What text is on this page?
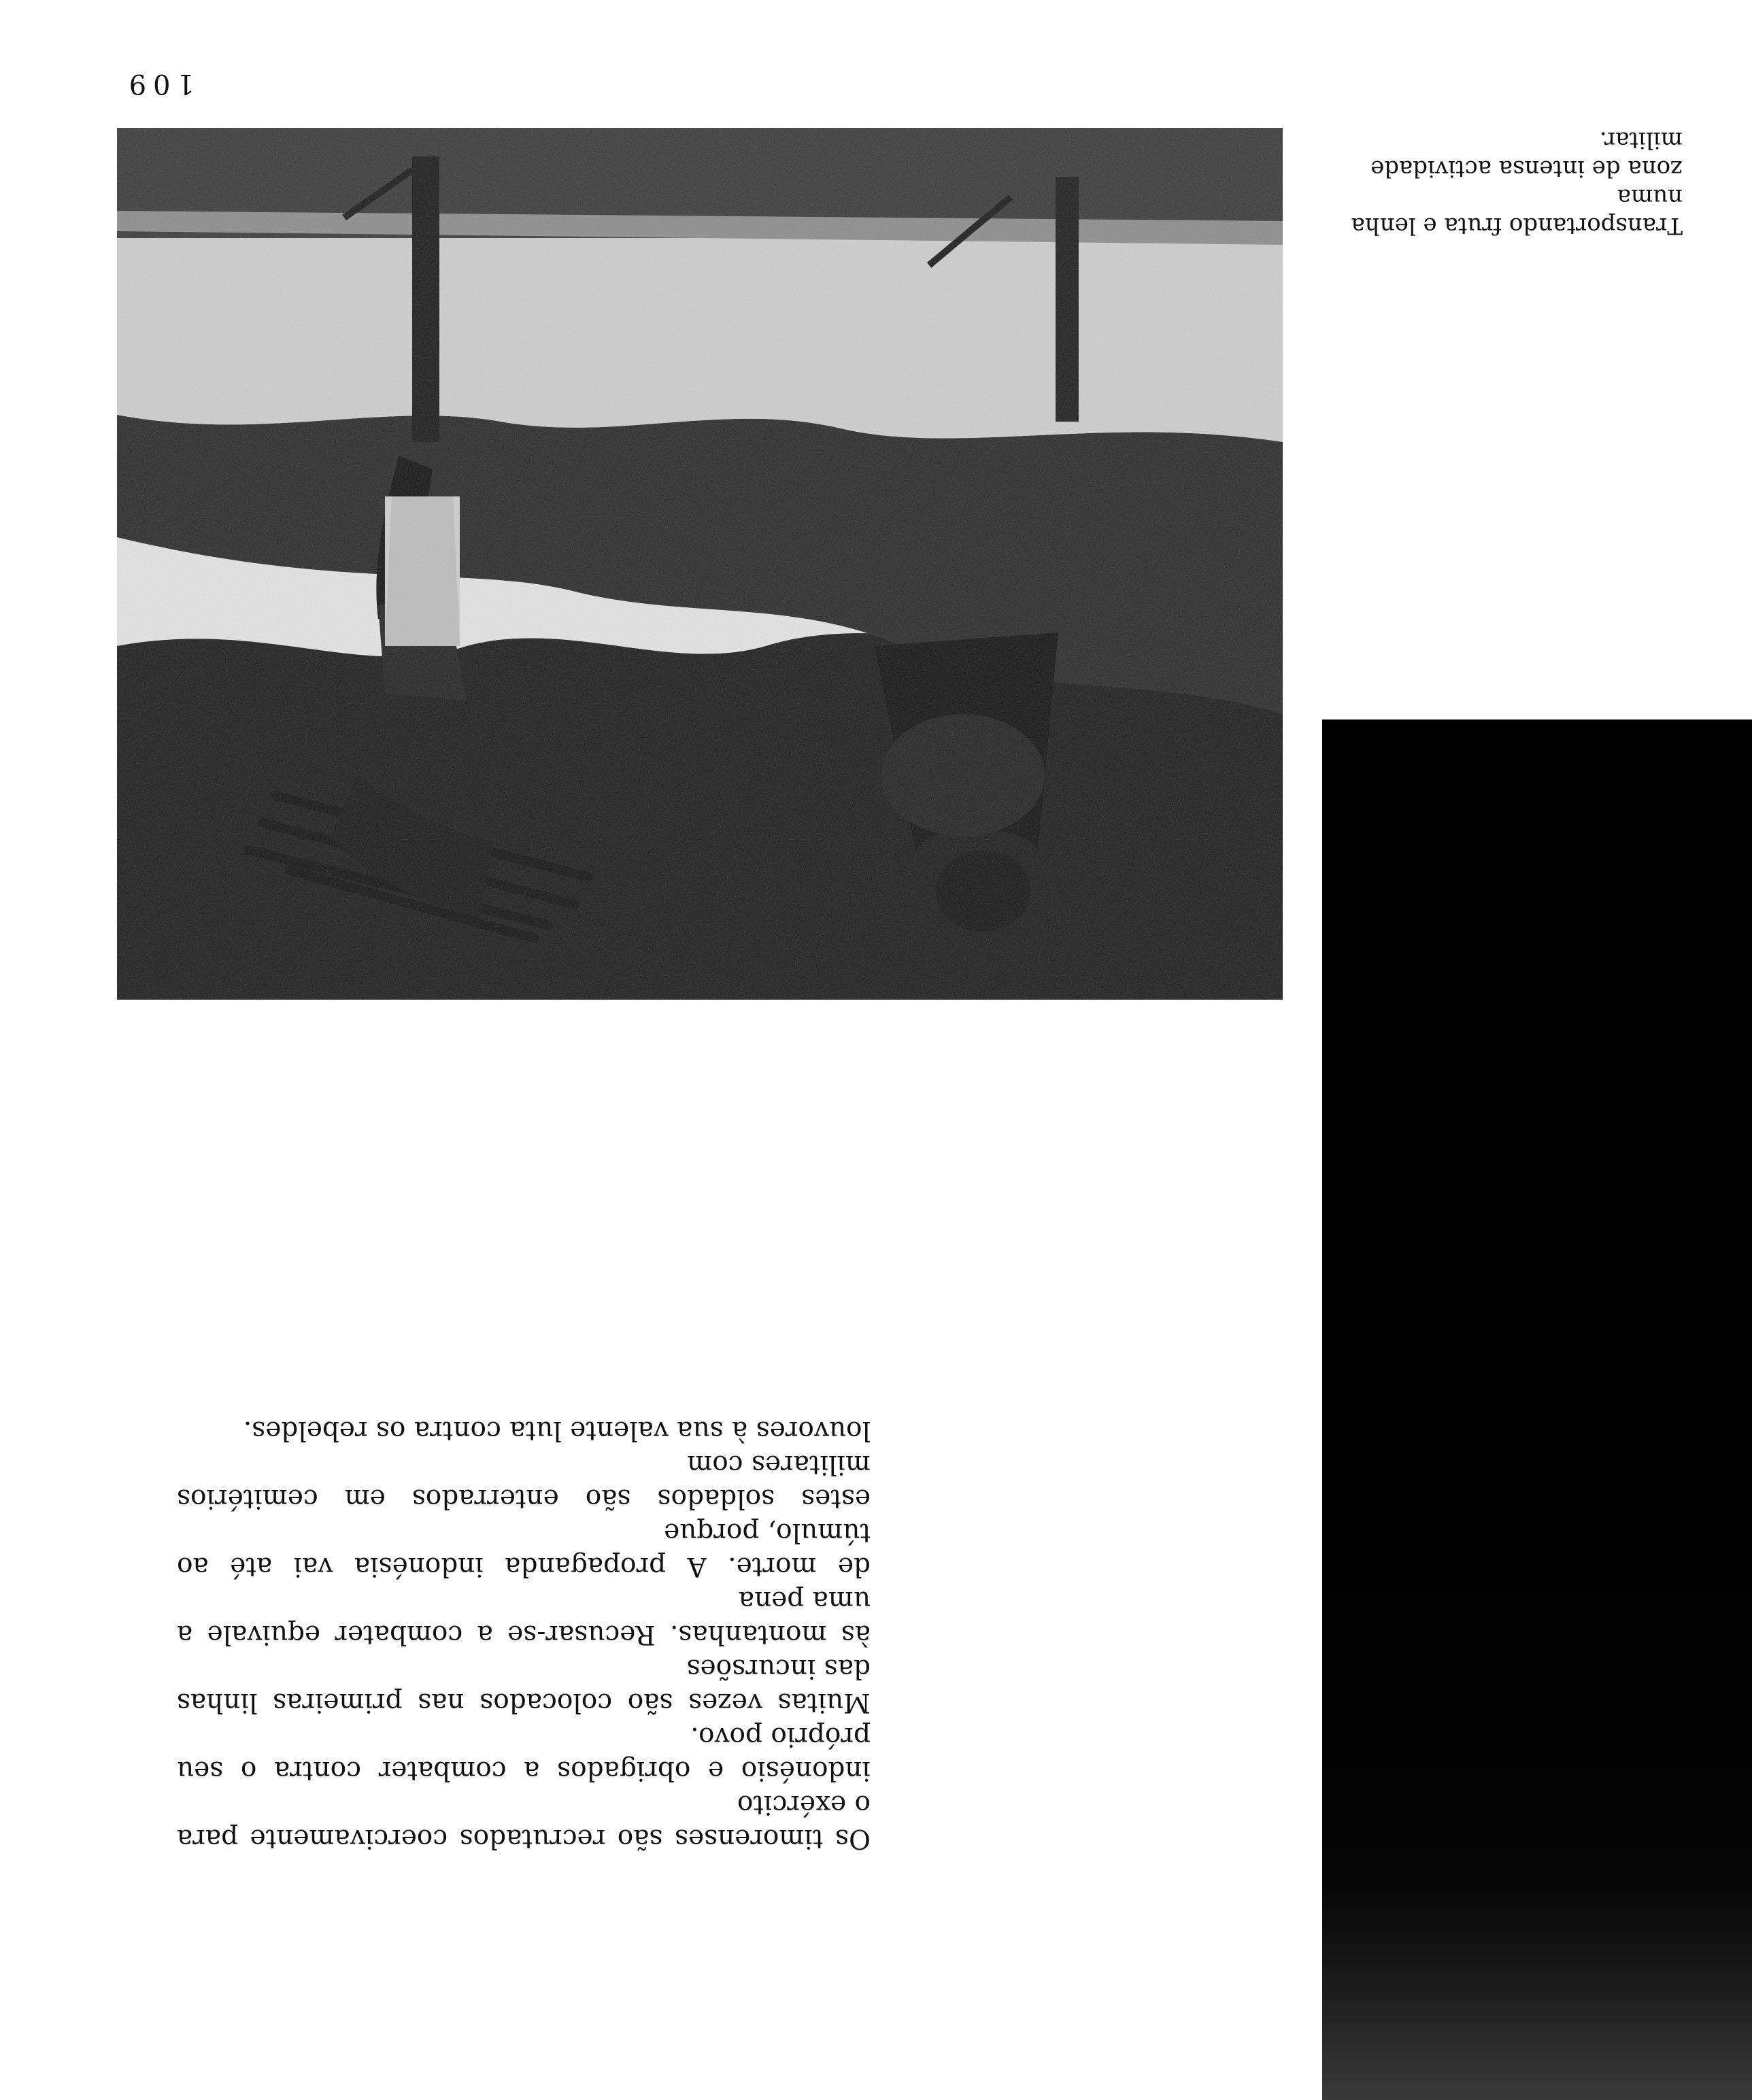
Os timorenses são recrutados coercivamente para o exército
indonésio e obrigados a combater contra o seu próprio povo.
Muitas vezes são colocados nas primeiras linhas das incursões
às montanhas. Recusar-se a combater equivale a uma pena
de morte. A propaganda indonésia vai até ao túmulo, porque
estes soldados são enterrados em cemitérios militares com
louvores à sua valente luta contra os rebeldes.
Transportando fruta e lenha numa
zona de intensa actividade militar.
109
